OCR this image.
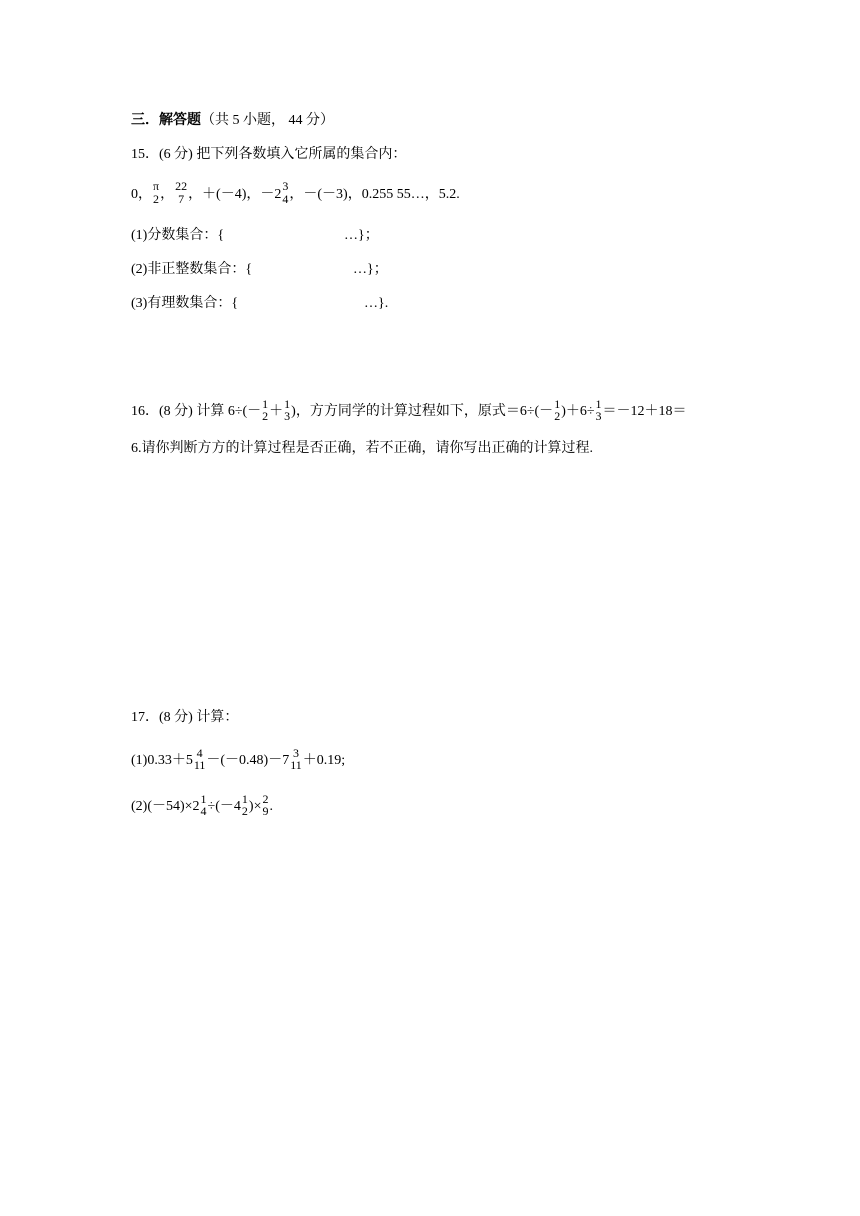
三．解答题（共 5 小题， 44 分）
15．(6 分) 把下列各数填入它所属的集合内：
0，
π
2 ，
22
7 ，＋(－4)，－2
3
4 ，－(－3)，0.255 55…，5.2.
(1)分数集合：{	…}；
(2)非正整数集合：{	…}；
(3)有理数集合：{	…}.
16．(8 分) 计算 6÷(－
1
2 ＋
1
3 )，方方同学的计算过程如下，原式＝6÷(－
1
2 )＋6÷
1
3 ＝－12＋18＝
6.请你判断方方的计算过程是否正确，若不正确，请你写出正确的计算过程.
17．(8 分) 计算：
(1)0.33＋5
4
11 －(－0.48)－7
3
11 ＋0.19;
(2)(－54)×2
1
4 ÷(－4
1
2 )×
2
9 .
